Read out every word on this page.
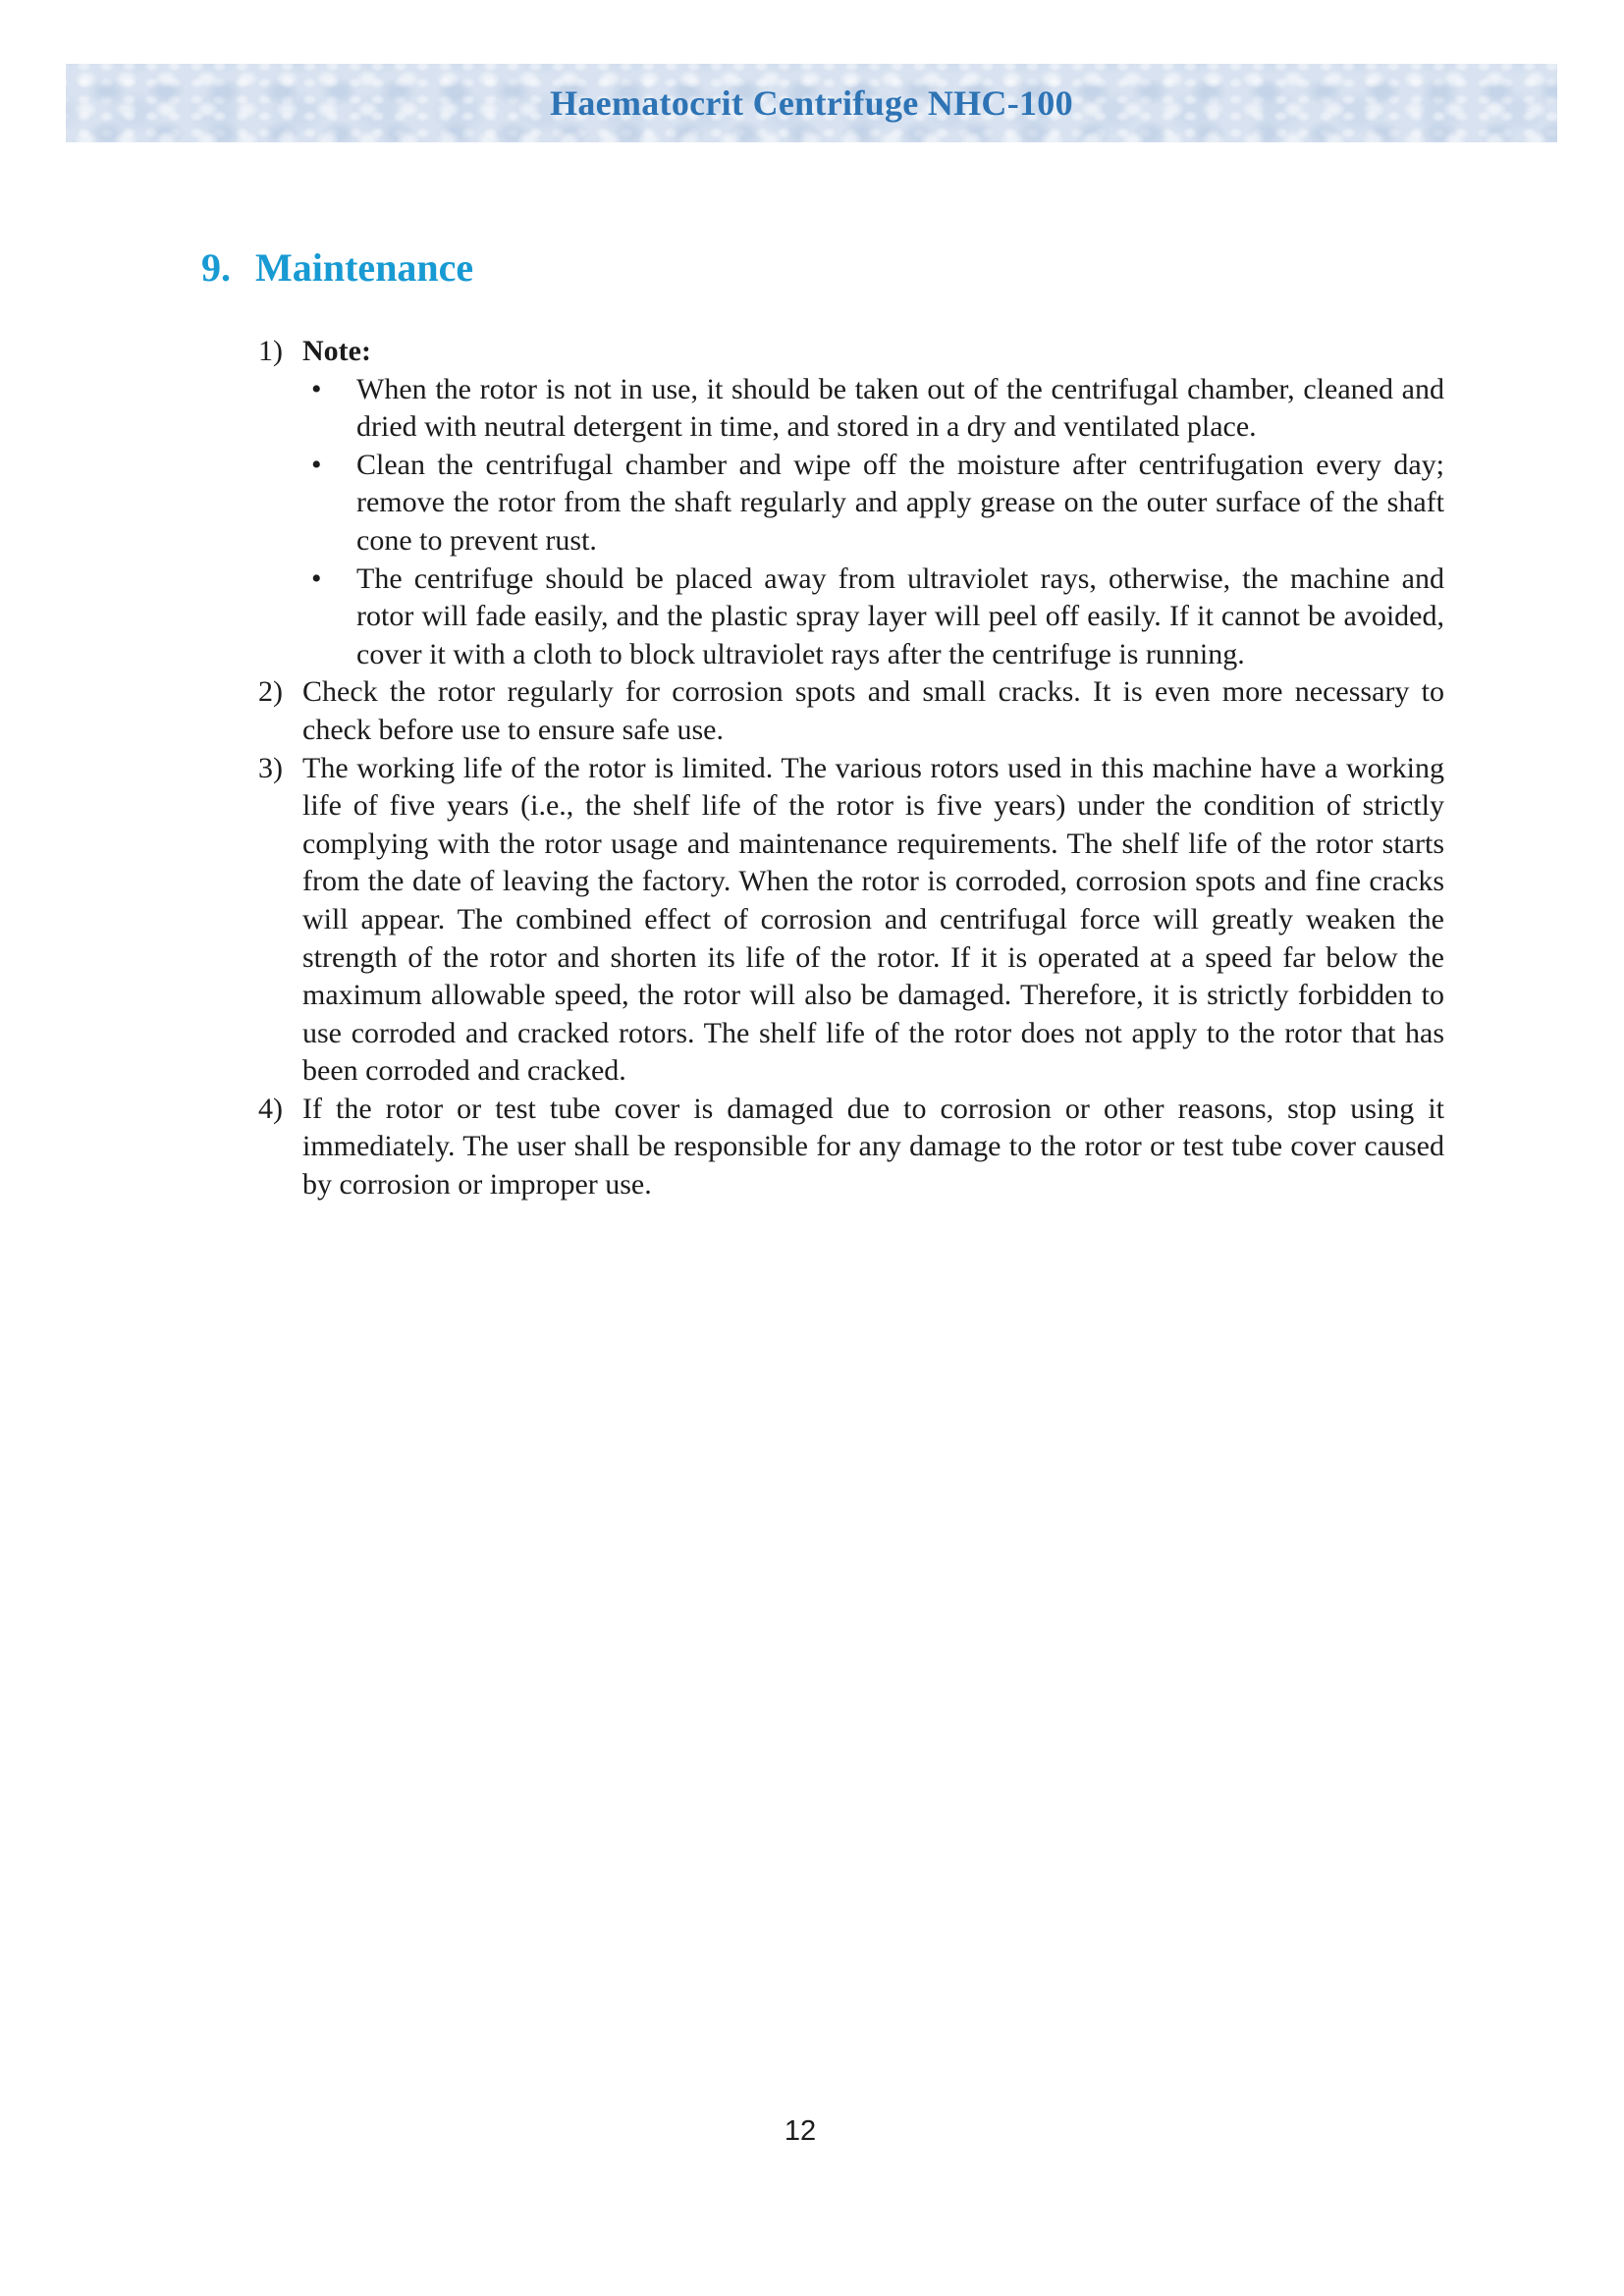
Haematocrit Centrifuge NHC-100
9. Maintenance
1) Note:
•	When the rotor is not in use, it should be taken out of the centrifugal chamber, cleaned and dried with neutral detergent in time, and stored in a dry and ventilated place.
•	Clean the centrifugal chamber and wipe off the moisture after centrifugation every day; remove the rotor from the shaft regularly and apply grease on the outer surface of the shaft cone to prevent rust.
•	The centrifuge should be placed away from ultraviolet rays, otherwise, the machine and rotor will fade easily, and the plastic spray layer will peel off easily. If it cannot be avoided, cover it with a cloth to block ultraviolet rays after the centrifuge is running.
2) Check the rotor regularly for corrosion spots and small cracks. It is even more necessary to check before use to ensure safe use.
3) The working life of the rotor is limited. The various rotors used in this machine have a working life of five years (i.e., the shelf life of the rotor is five years) under the condition of strictly complying with the rotor usage and maintenance requirements. The shelf life of the rotor starts from the date of leaving the factory. When the rotor is corroded, corrosion spots and fine cracks will appear. The combined effect of corrosion and centrifugal force will greatly weaken the strength of the rotor and shorten its life of the rotor. If it is operated at a speed far below the maximum allowable speed, the rotor will also be damaged. Therefore, it is strictly forbidden to use corroded and cracked rotors. The shelf life of the rotor does not apply to the rotor that has been corroded and cracked.
4) If the rotor or test tube cover is damaged due to corrosion or other reasons, stop using it immediately. The user shall be responsible for any damage to the rotor or test tube cover caused by corrosion or improper use.
12
